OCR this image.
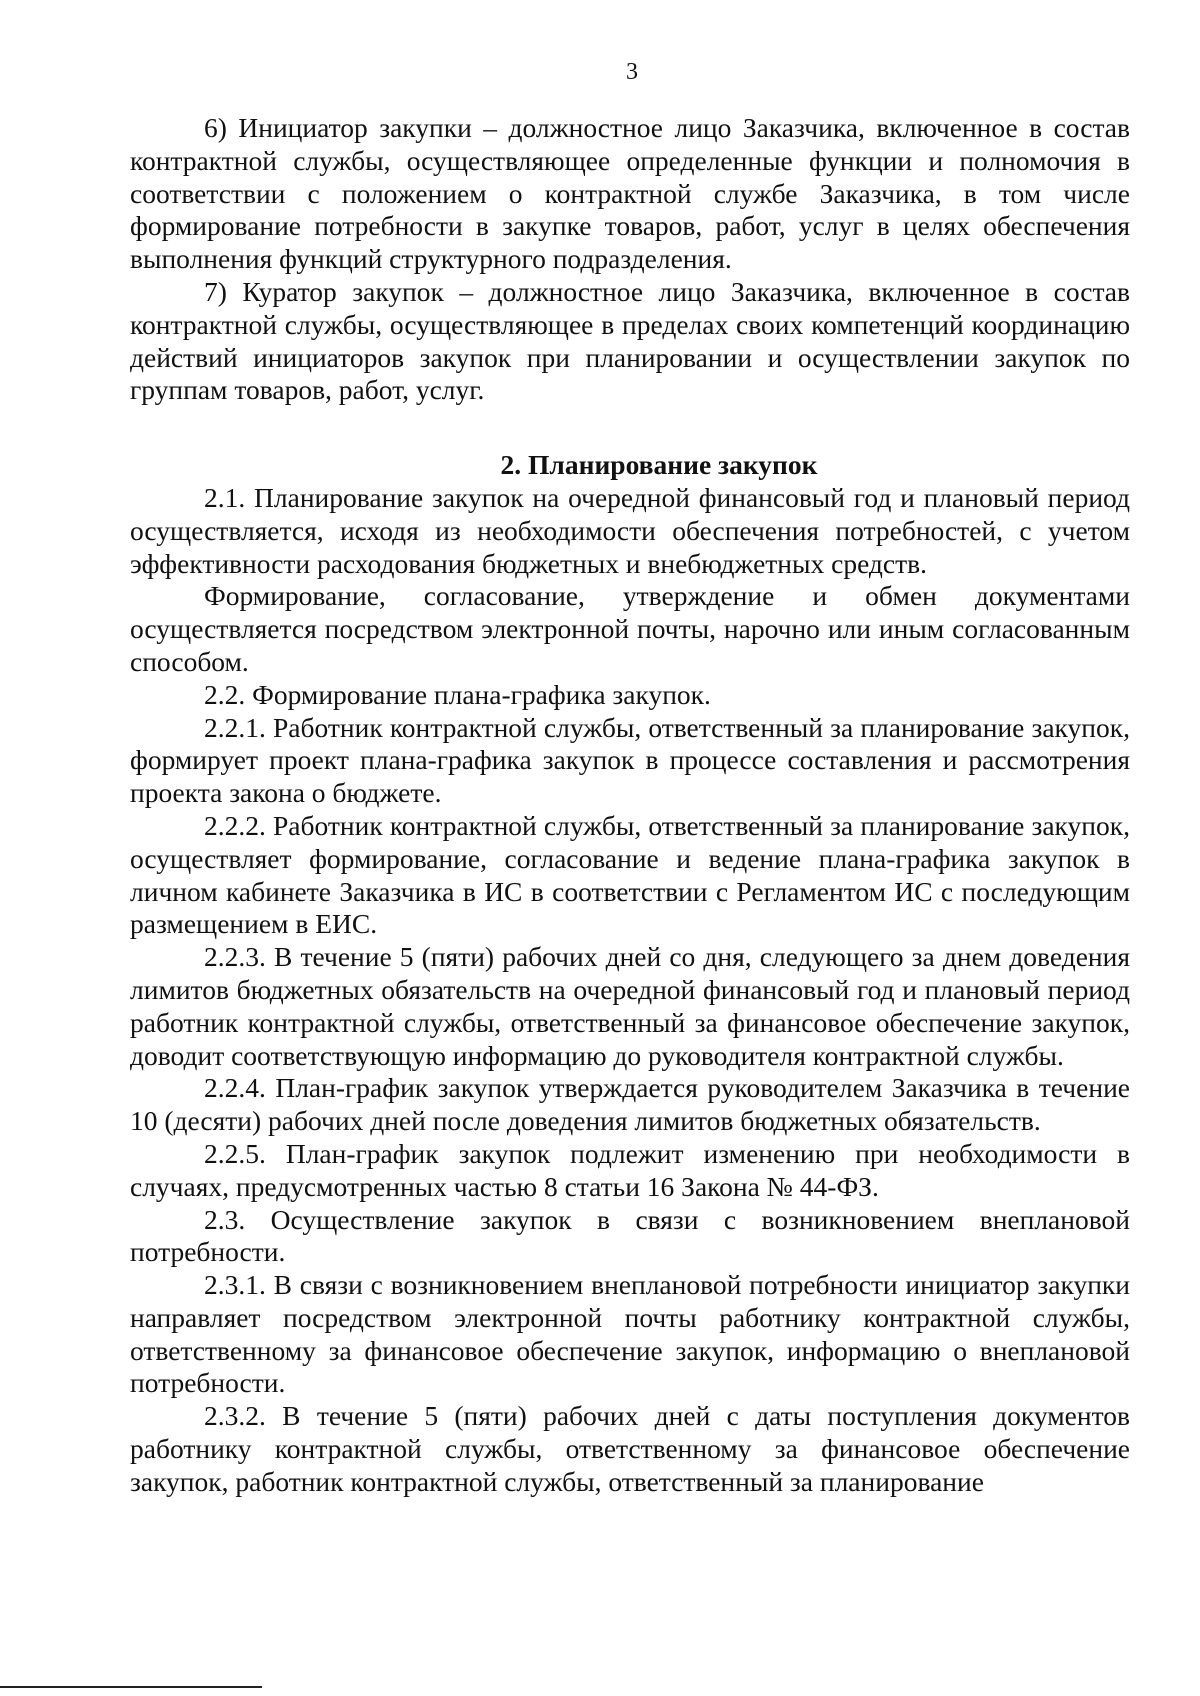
3

6) Инициатор закупки – должностное лицо Заказчика, включенное в состав контрактной службы, осуществляющее определенные функции и полномочия в соответствии с положением о контрактной службе Заказчика, в том числе формирование потребности в закупке товаров, работ, услуг в целях обеспечения выполнения функций структурного подразделения.

7) Куратор закупок – должностное лицо Заказчика, включенное в состав контрактной службы, осуществляющее в пределах своих компетенций координацию действий инициаторов закупок при планировании и осуществлении закупок по группам товаров, работ, услуг.

2. Планирование закупок

2.1. Планирование закупок на очередной финансовый год и плановый период осуществляется, исходя из необходимости обеспечения потребностей, с учетом эффективности расходования бюджетных и внебюджетных средств.

Формирование, согласование, утверждение и обмен документами осуществляется посредством электронной почты, нарочно или иным согласованным способом.

2.2. Формирование плана-графика закупок.

2.2.1. Работник контрактной службы, ответственный за планирование закупок, формирует проект плана-графика закупок в процессе составления и рассмотрения проекта закона о бюджете.

2.2.2. Работник контрактной службы, ответственный за планирование закупок, осуществляет формирование, согласование и ведение плана-графика закупок в личном кабинете Заказчика в ИС в соответствии с Регламентом ИС с последующим размещением в ЕИС.

2.2.3. В течение 5 (пяти) рабочих дней со дня, следующего за днем доведения лимитов бюджетных обязательств на очередной финансовый год и плановый период работник контрактной службы, ответственный за финансовое обеспечение закупок, доводит соответствующую информацию до руководителя контрактной службы.

2.2.4. План-график закупок утверждается руководителем Заказчика в течение 10 (десяти) рабочих дней после доведения лимитов бюджетных обязательств.

2.2.5. План-график закупок подлежит изменению при необходимости в случаях, предусмотренных частью 8 статьи 16 Закона № 44-ФЗ.

2.3. Осуществление закупок в связи с возникновением внеплановой потребности.

2.3.1. В связи с возникновением внеплановой потребности инициатор закупки направляет посредством электронной почты работнику контрактной службы, ответственному за финансовое обеспечение закупок, информацию о внеплановой потребности.

2.3.2. В течение 5 (пяти) рабочих дней с даты поступления документов работнику контрактной службы, ответственному за финансовое обеспечение закупок, работник контрактной службы, ответственный за планирование
